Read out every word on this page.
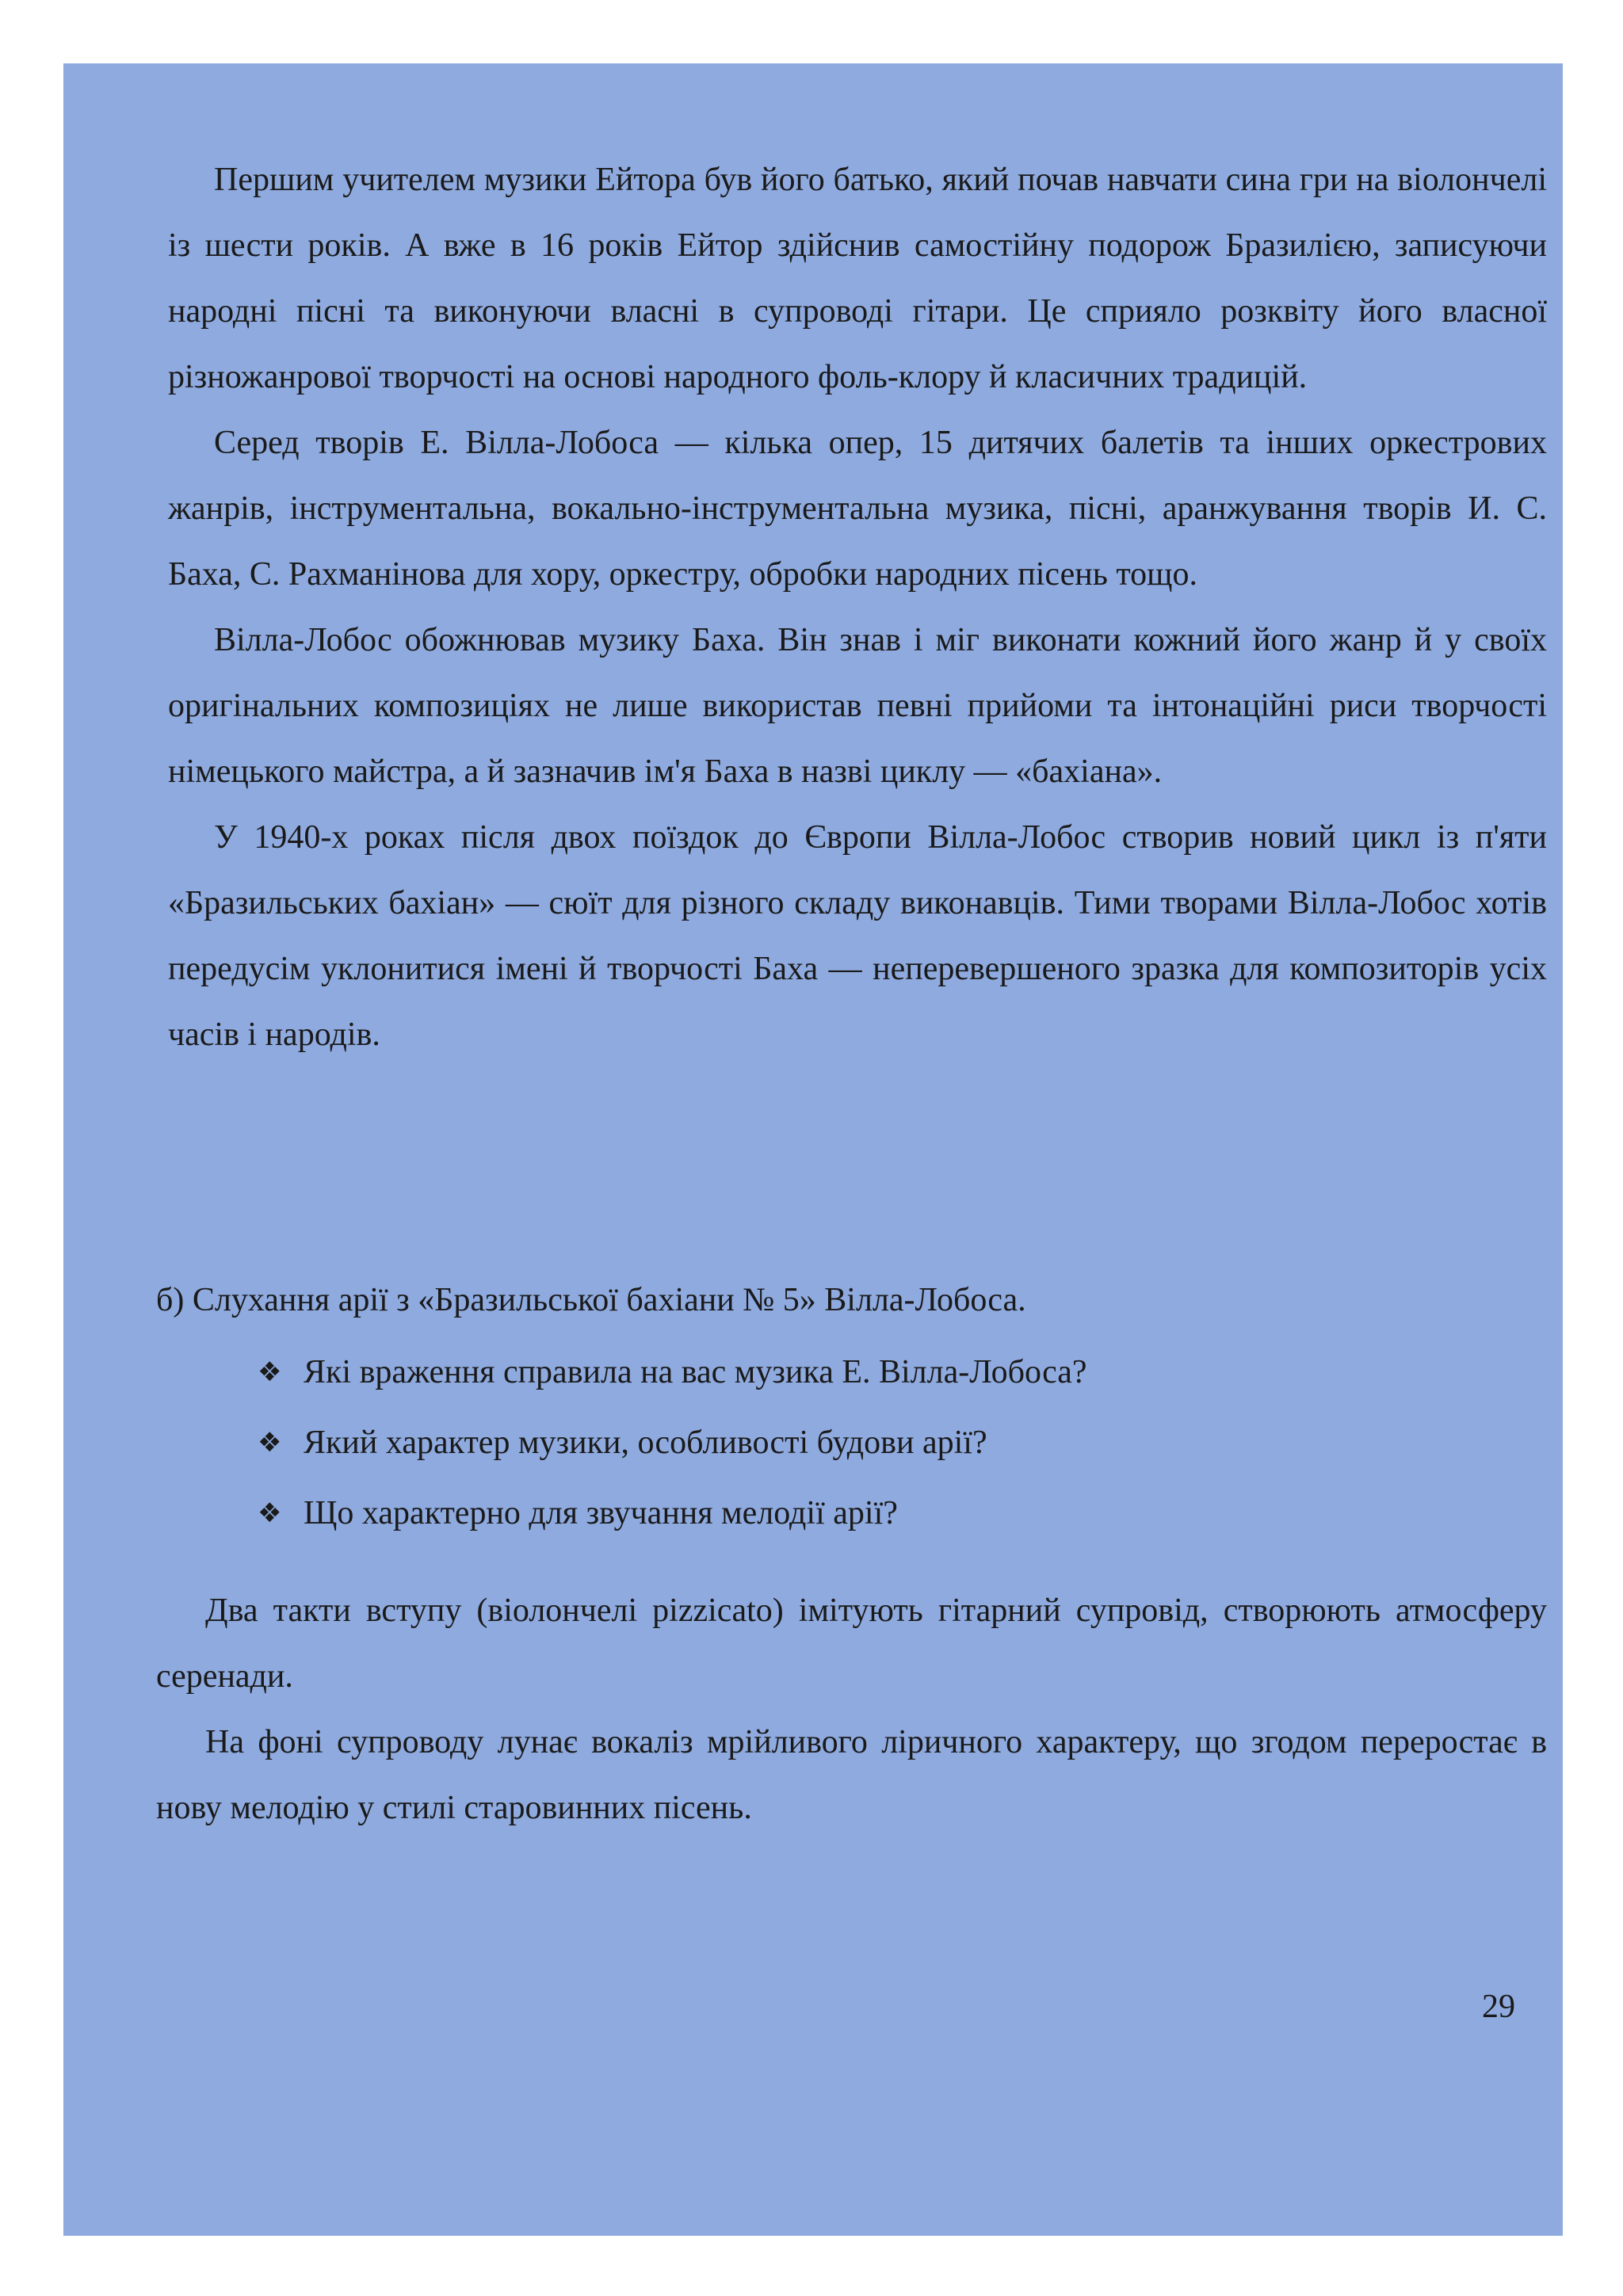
Першим учителем музики Ейтора був його батько, який почав навчати сина гри на віолончелі із шести років. А вже в 16 років Ейтор здійснив самостійну подорож Бразилією, записуючи народні пісні та виконуючи власні в супроводі гітари. Це сприяло розквіту його власної різножанрової творчості на основі народного фоль-клору й класичних традицій.

Серед творів Е. Вілла-Лобоса — кілька опер, 15 дитячих балетів та інших оркестрових жанрів, інструментальна, вокально-інструментальна музика, пісні, аранжування творів И. С. Баха, С. Рахманінова для хору, оркестру, обробки народних пісень тощо.

Вілла-Лобос обожнював музику Баха. Він знав і міг виконати кожний його жанр й у своїх оригінальних композиціях не лише використав певні прийоми та інтонаційні риси творчості німецького майстра, а й зазначив ім'я Баха в назві циклу — «бахіана».

У 1940-х роках після двох поїздок до Європи Вілла-Лобос створив новий цикл із п'яти «Бразильських бахіан» — сюїт для різного складу виконавців. Тими творами Вілла-Лобос хотів передусім уклонитися імені й творчості Баха — неперевершеного зразка для композиторів усіх часів і народів.

б) Слухання арії з «Бразильської бахіани № 5» Вілла-Лобоса.

❖ Які враження справила на вас музика Е. Вілла-Лобоса?
❖ Який характер музики, особливості будови арії?
❖ Що характерно для звучання мелодії арії?

Два такти вступу (віолончелі pizzicato) імітують гітарний супровід, створюють атмосферу серенади.

На фоні супроводу лунає вокаліз мрійливого ліричного характеру, що згодом переростає в нову мелодію у стилі старовинних пісень.

29
